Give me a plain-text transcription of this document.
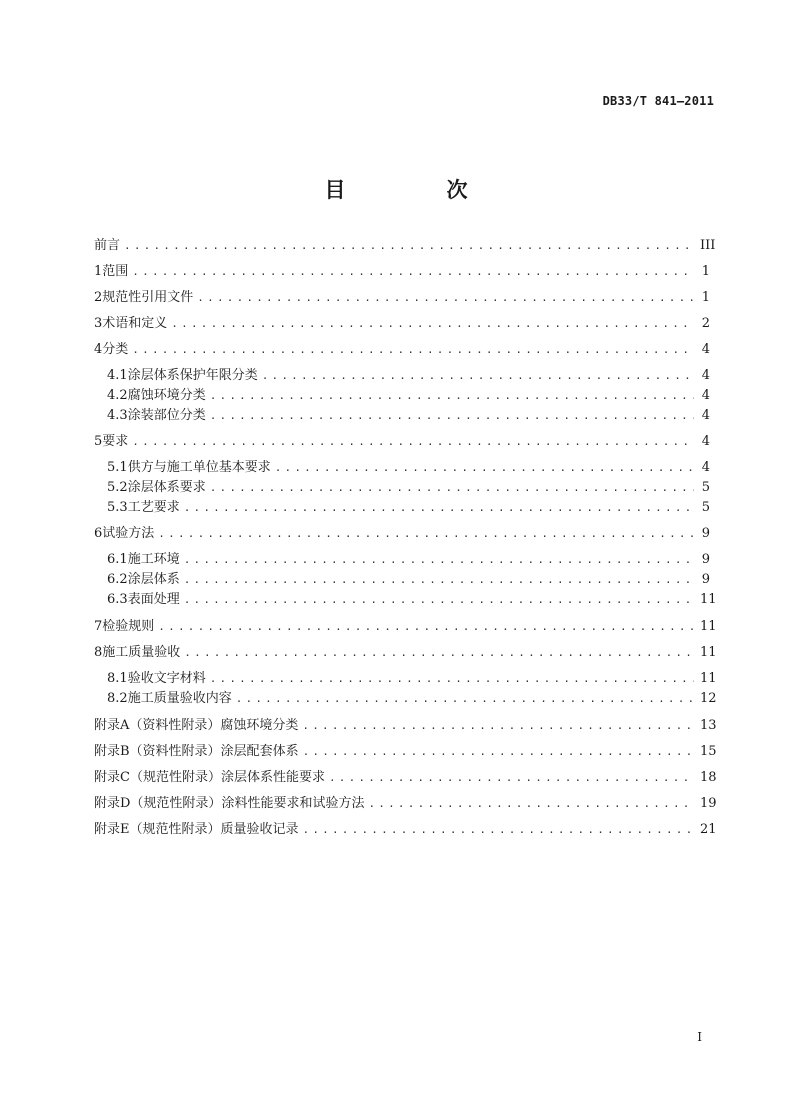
DB33/T 841—2011
目　次
前言 .....	III
1 范围 .....	1
2 规范性引用文件 .....	1
3 术语和定义 .....	2
4 分类 .....	4
4.1 涂层体系保护年限分类 .....	4
4.2 腐蚀环境分类 .....	4
4.3 涂装部位分类 .....	4
5 要求 .....	4
5.1 供方与施工单位基本要求 .....	4
5.2 涂层体系要求 .....	5
5.3 工艺要求 .....	5
6 试验方法 .....	9
6.1 施工环境 .....	9
6.2 涂层体系 .....	9
6.3 表面处理 .....	11
7 检验规则 .....	11
8 施工质量验收 .....	11
8.1 验收文字材料 .....	11
8.2 施工质量验收内容 .....	12
附录A（资料性附录） 腐蚀环境分类 .....	13
附录B（资料性附录） 涂层配套体系 .....	15
附录C（规范性附录） 涂层体系性能要求 .....	18
附录D（规范性附录） 涂料性能要求和试验方法 .....	19
附录E（规范性附录） 质量验收记录 .....	21
I
